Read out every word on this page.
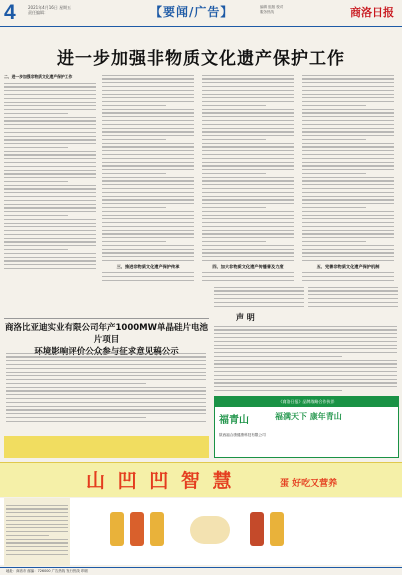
4	2021年4月16日 星期五
责任编辑：	【要闻/广告】	编辑 组版 校对
服务热线	商洛日报
进一步加强非物质文化遗产保护工作
二、进一步加强非物质文化遗产保护工作
三、推进非物质文化遗产保护传承	四、加大非物质文化遗产传播普及力度	五、完善非物质文化遗产保护机制
商洛比亚迪实业有限公司年产1000MW单晶硅片电池片项目
声 明
《商洛日报》品牌战略合作伙伴
福青山	福满天下 康年青山
陕西福合康健康科技有限公司
山 凹 凹 智 慧	蛋 好吃又营养
地址：商洛市 邮编：726000 广告热线 发行热线 印刷
